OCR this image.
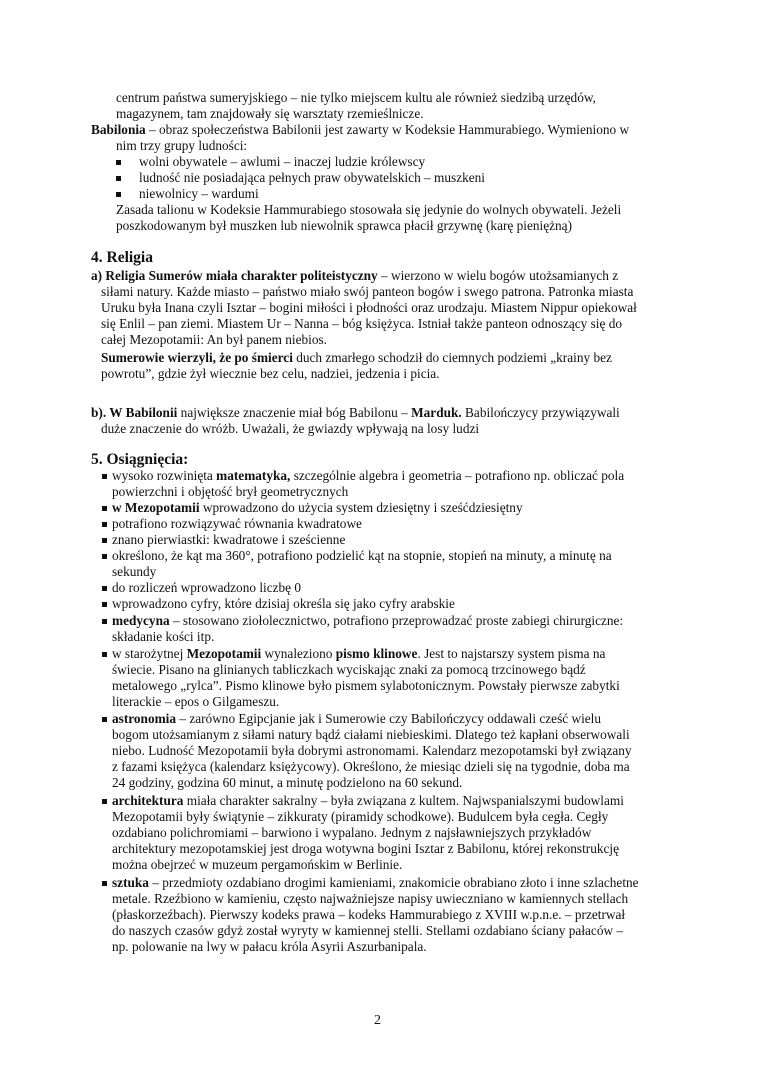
centrum państwa sumeryjskiego – nie tylko miejscem kultu ale również siedzibą urzędów,
magazynem, tam znajdowały się warsztaty rzemieślnicze.
Babilonia – obraz społeczeństwa Babilonii jest zawarty w Kodeksie Hammurabiego. Wymieniono w
nim trzy grupy ludności:
wolni obywatele – awlumi – inaczej ludzie królewscy
ludność nie posiadająca pełnych praw obywatelskich – muszkeni
niewolnicy – wardumi
Zasada talionu w Kodeksie Hammurabiego stosowała się jedynie do wolnych obywateli. Jeżeli
poszkodowanym był muszken lub niewolnik sprawca płacił grzywnę (karę pieniężną)
4. Religia
a) Religia Sumerów miała charakter politeistyczny – wierzono w wielu bogów utożsamianych z
siłami natury. Każde miasto – państwo miało swój panteon bogów i swego patrona. Patronka miasta
Uruku była Inana czyli Isztar – bogini miłości i płodności oraz urodzaju. Miastem Nippur opiekował
się Enlil – pan ziemi. Miastem Ur – Nanna – bóg księżyca. Istniał także panteon odnoszący się do
całej Mezopotamii: An był panem niebios.
Sumerowie wierzyli, że po śmierci duch zmarłego schodził do ciemnych podziemi „krainy bez
powrotu”, gdzie żył wiecznie bez celu, nadziei, jedzenia i picia.
b). W Babilonii największe znaczenie miał bóg Babilonu – Marduk. Babilończycy przywiązywali
duże znaczenie do wróżb. Uważali, że gwiazdy wpływają na losy ludzi
5. Osiągnięcia:
wysoko rozwinięta matematyka, szczególnie algebra i geometria – potrafiono np. obliczać pola
powierzchni i objętość brył geometrycznych
w Mezopotamii wprowadzono do użycia system dziesiętny i sześćdziesiętny
potrafiono rozwiązywać równania kwadratowe
znano pierwiastki: kwadratowe i sześcienne
określono, że kąt ma 360°, potrafiono podzielić kąt na stopnie, stopień na minuty, a minutę na
sekundy
do rozliczeń wprowadzono liczbę 0
wprowadzono cyfry, które dzisiaj określa się jako cyfry arabskie
medycyna – stosowano ziołolecznictwo, potrafiono przeprowadzać proste zabiegi chirurgiczne:
składanie kości itp.
w starożytnej Mezopotamii wynaleziono pismo klinowe. Jest to najstarszy system pisma na
świecie. Pisano na glinianych tabliczkach wyciskając znaki za pomocą trzcinowego bądź
metalowego „rylca”. Pismo klinowe było pismem sylabotonicznym. Powstały pierwsze zabytki
literackie – epos o Gilgameszu.
astronomia – zarówno Egipcjanie jak i Sumerowie czy Babilończycy oddawali cześć wielu
bogom utożsamianym z siłami natury bądź ciałami niebieskimi. Dlatego też kapłani obserwowali
niebo. Ludność Mezopotamii była dobrymi astronomami. Kalendarz mezopotamski był związany
z fazami księżyca (kalendarz księżycowy). Określono, że miesiąc dzieli się na tygodnie, doba ma
24 godziny, godzina 60 minut, a minutę podzielono na 60 sekund.
architektura miała charakter sakralny – była związana z kultem. Najwspanialszymi budowlami
Mezopotamii były świątynie – zikkuraty (piramidy schodkowe). Budulcem była cegła. Cegły
ozdabiano polichromiami – barwiono i wypalano. Jednym z najsławniejszych przykładów
architektury mezopotamskiej jest droga wotywna bogini Isztar z Babilonu, której rekonstrukcję
można obejrzeć w muzeum pergamońskim w Berlinie.
sztuka – przedmioty ozdabiano drogimi kamieniami, znakomicie obrabiano złoto i inne szlachetne
metale. Rzeźbiono w kamieniu, często najważniejsze napisy uwieczniano w kamiennych stellach
(płaskorzeźbach). Pierwszy kodeks prawa – kodeks Hammurabiego z XVIII w.p.n.e. – przetrwał
do naszych czasów gdyż został wyryty w kamiennej stelli. Stellami ozdabiano ściany pałaców –
np. polowanie na lwy w pałacu króla Asyrii Aszurbanipala.
2
